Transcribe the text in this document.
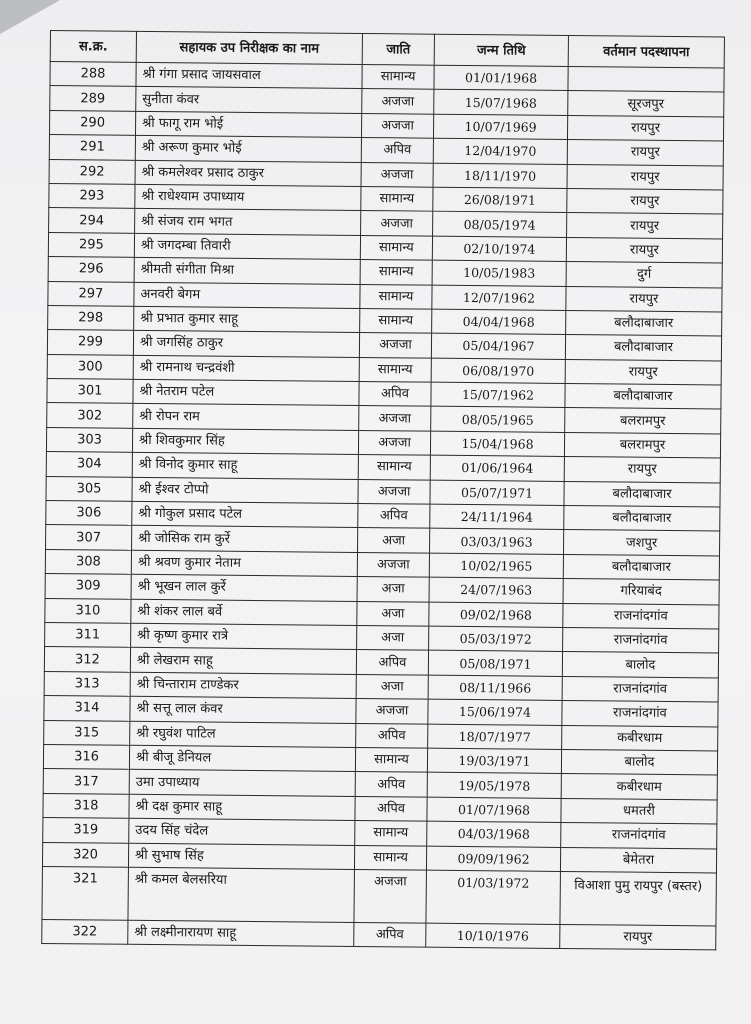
स.क्र.	सहायक उप निरीक्षक का नाम	जाति	जन्म तिथि	वर्तमान पदस्थापना
288	श्री गंगा प्रसाद जायसवाल	सामान्य	01/01/1968	
289	सुनीता कंवर	अजजा	15/07/1968	सूरजपुर
290	श्री फागू राम भोई	अजजा	10/07/1969	रायपुर
291	श्री अरूण कुमार भोई	अपिव	12/04/1970	रायपुर
292	श्री कमलेश्वर प्रसाद ठाकुर	अजजा	18/11/1970	रायपुर
293	श्री राधेश्याम उपाध्याय	सामान्य	26/08/1971	रायपुर
294	श्री संजय राम भगत	अजजा	08/05/1974	रायपुर
295	श्री जगदम्बा तिवारी	सामान्य	02/10/1974	रायपुर
296	श्रीमती संगीता मिश्रा	सामान्य	10/05/1983	दुर्ग
297	अनवरी बेगम	सामान्य	12/07/1962	रायपुर
298	श्री प्रभात कुमार साहू	सामान्य	04/04/1968	बलौदाबाजार
299	श्री जगसिंह ठाकुर	अजजा	05/04/1967	बलौदाबाजार
300	श्री रामनाथ चन्द्रवंशी	सामान्य	06/08/1970	रायपुर
301	श्री नेतराम पटेल	अपिव	15/07/1962	बलौदाबाजार
302	श्री रोपन राम	अजजा	08/05/1965	बलरामपुर
303	श्री शिवकुमार सिंह	अजजा	15/04/1968	बलरामपुर
304	श्री विनोद कुमार साहू	सामान्य	01/06/1964	रायपुर
305	श्री ईश्वर टोप्पो	अजजा	05/07/1971	बलौदाबाजार
306	श्री गोकुल प्रसाद पटेल	अपिव	24/11/1964	बलौदाबाजार
307	श्री जोसिक राम कुर्रे	अजा	03/03/1963	जशपुर
308	श्री श्रवण कुमार नेताम	अजजा	10/02/1965	बलौदाबाजार
309	श्री भूखन लाल कुर्रे	अजा	24/07/1963	गरियाबंद
310	श्री शंकर लाल बर्वे	अजा	09/02/1968	राजनांदगांव
311	श्री कृष्ण कुमार रात्रे	अजा	05/03/1972	राजनांदगांव
312	श्री लेखराम साहू	अपिव	05/08/1971	बालोद
313	श्री चिन्ताराम टाण्डेकर	अजा	08/11/1966	राजनांदगांव
314	श्री सत्तू लाल कंवर	अजजा	15/06/1974	राजनांदगांव
315	श्री रघुवंश पाटिल	अपिव	18/07/1977	कबीरधाम
316	श्री बीजू डेनियल	सामान्य	19/03/1971	बालोद
317	उमा उपाध्याय	अपिव	19/05/1978	कबीरधाम
318	श्री दक्ष कुमार साहू	अपिव	01/07/1968	धमतरी
319	उदय सिंह चंदेल	सामान्य	04/03/1968	राजनांदगांव
320	श्री सुभाष सिंह	सामान्य	09/09/1962	बेमेतरा
321	श्री कमल बेलसरिया	अजजा	01/03/1972	विआशा पुमु रायपुर (बस्तर)
322	श्री लक्ष्मीनारायण साहू	अपिव	10/10/1976	रायपुर
